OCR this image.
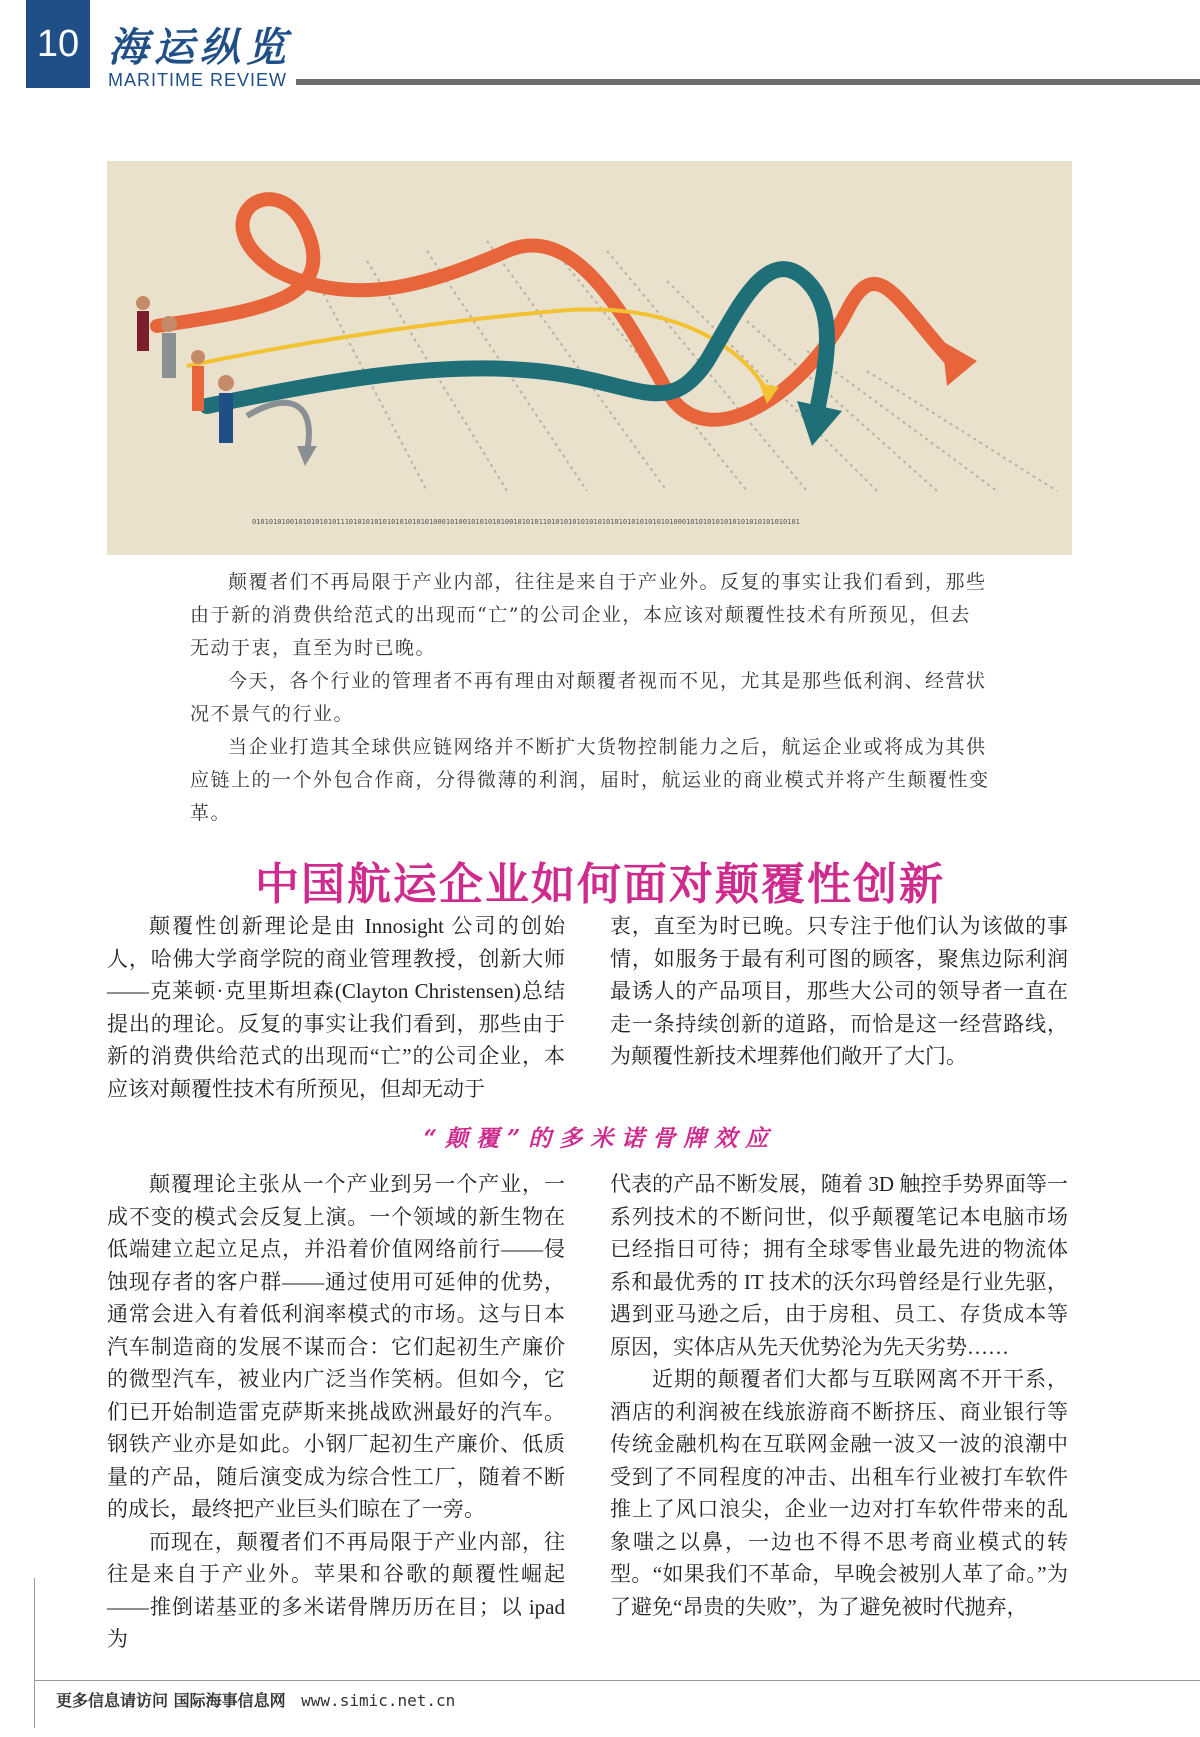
10 海运纵览
MARITIME REVIEW
0101010100101010101011101010101010101010101000101001010101010010101011010101010101010101010101010101000101010101010101010101010101

颠覆者们不再局限于产业内部，往往是来自于产业外。反复的事实让我们看到，那些由于新的消费供给范式的出现而“亡”的公司企业，本应该对颠覆性技术有所预见，但去无动于衷，直至为时已晚。

今天，各个行业的管理者不再有理由对颠覆者视而不见，尤其是那些低利润、经营状况不景气的行业。

当企业打造其全球供应链网络并不断扩大货物控制能力之后，航运企业或将成为其供应链上的一个外包合作商，分得微薄的利润，届时，航运业的商业模式并将产生颠覆性变革。

中国航运企业如何面对颠覆性创新

颠覆性创新理论是由 Innosight 公司的创始人，哈佛大学商学院的商业管理教授，创新大师——克莱顿·克里斯坦森(Clayton Christensen)总结提出的理论。反复的事实让我们看到，那些由于新的消费供给范式的出现而“亡”的公司企业，本应该对颠覆性技术有所预见，但却无动于

衷，直至为时已晚。只专注于他们认为该做的事情，如服务于最有利可图的顾客，聚焦边际利润最诱人的产品项目，那些大公司的领导者一直在走一条持续创新的道路，而恰是这一经营路线，为颠覆性新技术埋葬他们敞开了大门。

“颠覆”的多米诺骨牌效应

颠覆理论主张从一个产业到另一个产业，一成不变的模式会反复上演。一个领域的新生物在低端建立起立足点，并沿着价值网络前行——侵蚀现存者的客户群——通过使用可延伸的优势，通常会进入有着低利润率模式的市场。这与日本汽车制造商的发展不谋而合：它们起初生产廉价的微型汽车，被业内广泛当作笑柄。但如今，它们已开始制造雷克萨斯来挑战欧洲最好的汽车。钢铁产业亦是如此。小钢厂起初生产廉价、低质量的产品，随后演变成为综合性工厂，随着不断的成长，最终把产业巨头们晾在了一旁。

而现在，颠覆者们不再局限于产业内部，往往是来自于产业外。苹果和谷歌的颠覆性崛起——推倒诺基亚的多米诺骨牌历历在目；以 ipad 为

代表的产品不断发展，随着 3D 触控手势界面等一系列技术的不断问世，似乎颠覆笔记本电脑市场已经指日可待；拥有全球零售业最先进的物流体系和最优秀的 IT 技术的沃尔玛曾经是行业先驱，遇到亚马逊之后，由于房租、员工、存货成本等原因，实体店从先天优势沦为先天劣势……

近期的颠覆者们大都与互联网离不开干系，酒店的利润被在线旅游商不断挤压、商业银行等传统金融机构在互联网金融一波又一波的浪潮中受到了不同程度的冲击、出租车行业被打车软件推上了风口浪尖，企业一边对打车软件带来的乱象嗤之以鼻，一边也不得不思考商业模式的转型。“如果我们不革命，早晚会被别人革了命。”为了避免“昂贵的失败”，为了避免被时代抛弃，

更多信息请访问 国际海事信息网 www.simic.net.cn
